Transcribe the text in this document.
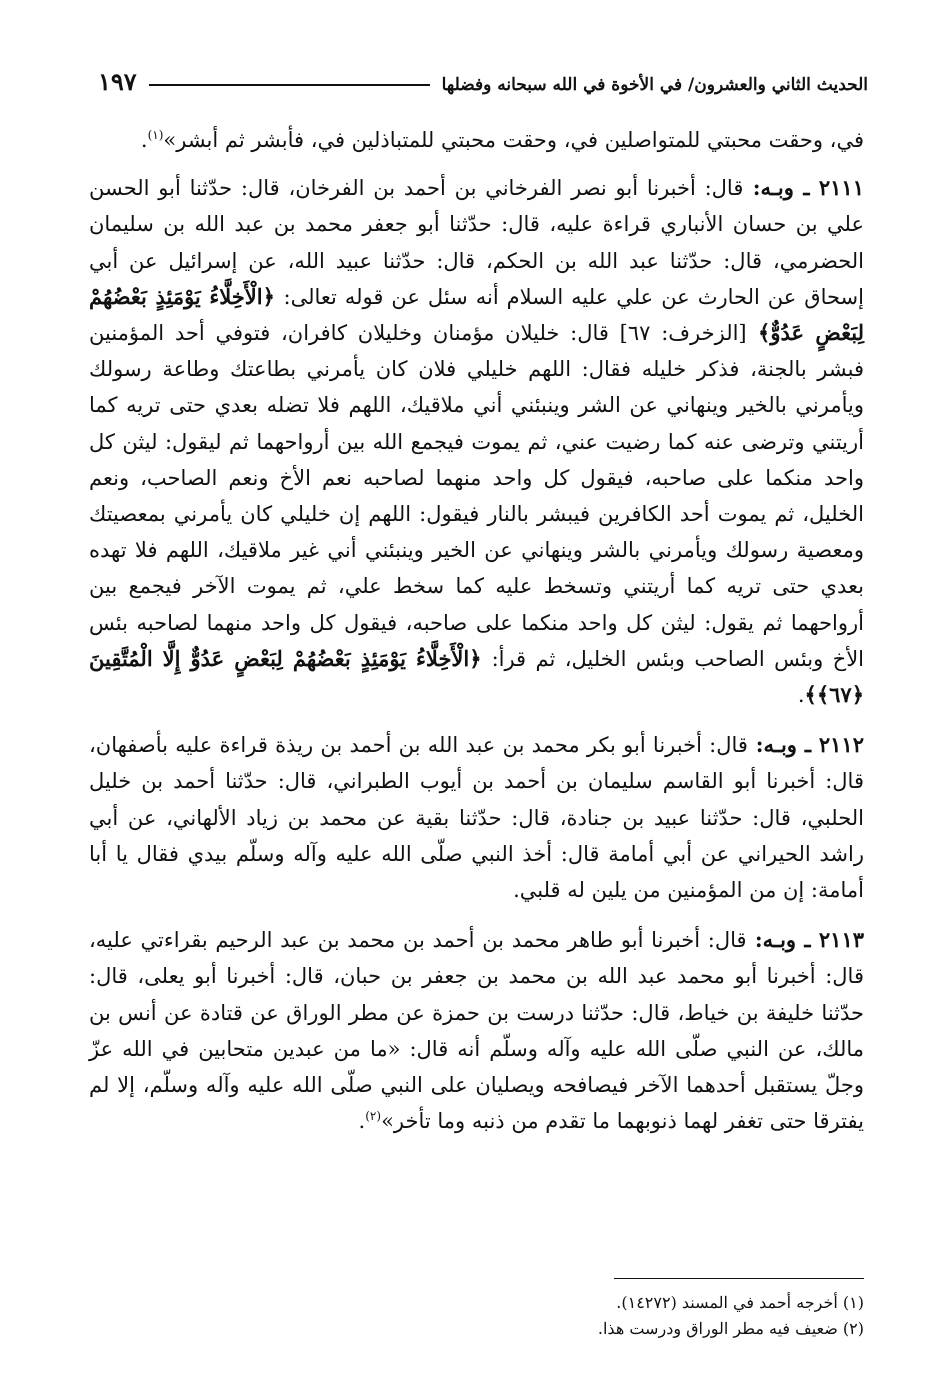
الحديث الثاني والعشرون/ في الأخوة في الله سبحانه وفضلها
١٩٧

في، وحقت محبتي للمتواصلين في، وحقت محبتي للمتباذلين في، فأبشر ثم أبشر»$^{(١)}$.

٢١١١ ـ وبـه: قال: أخبرنا أبو نصر الفرخاني بن أحمد بن الفرخان، قال: حدّثنا أبو الحسن علي بن حسان الأنباري قراءة عليه، قال: حدّثنا أبو جعفر محمد بن عبد الله بن سليمان الحضرمي، قال: حدّثنا عبد الله بن الحكم، قال: حدّثنا عبيد الله، عن إسرائيل عن أبي إسحاق عن الحارث عن علي عليه السلام أنه سئل عن قوله تعالى: ﴿الْأَخِلَّاءُ يَوْمَئِذٍ بَعْضُهُمْ لِبَعْضٍ عَدُوٌّ﴾ [الزخرف: ٦٧] قال: خليلان مؤمنان وخليلان كافران، فتوفي أحد المؤمنين فبشر بالجنة، فذكر خليله فقال: اللهم خليلي فلان كان يأمرني بطاعتك وطاعة رسولك ويأمرني بالخير وينهاني عن الشر وينبئني أني ملاقيك، اللهم فلا تضله بعدي حتى تريه كما أريتني وترضى عنه كما رضيت عني، ثم يموت فيجمع الله بين أرواحهما ثم ليقول: ليثن كل واحد منكما على صاحبه، فيقول كل واحد منهما لصاحبه نعم الأخ ونعم الصاحب، ونعم الخليل، ثم يموت أحد الكافرين فيبشر بالنار فيقول: اللهم إن خليلي كان يأمرني بمعصيتك ومعصية رسولك ويأمرني بالشر وينهاني عن الخير وينبئني أني غير ملاقيك، اللهم فلا تهده بعدي حتى تريه كما أريتني وتسخط عليه كما سخط علي، ثم يموت الآخر فيجمع بين أرواحهما ثم يقول: ليثن كل واحد منكما على صاحبه، فيقول كل واحد منهما لصاحبه بئس الأخ وبئس الصاحب وبئس الخليل، ثم قرأ: ﴿الْأَخِلَّاءُ يَوْمَئِذٍ بَعْضُهُمْ لِبَعْضٍ عَدُوٌّ إِلَّا الْمُتَّقِينَ ﴿٦٧﴾﴾.

٢١١٢ ـ وبـه: قال: أخبرنا أبو بكر محمد بن عبد الله بن أحمد بن ريذة قراءة عليه بأصفهان، قال: أخبرنا أبو القاسم سليمان بن أحمد بن أيوب الطبراني، قال: حدّثنا أحمد بن خليل الحلبي، قال: حدّثنا عبيد بن جنادة، قال: حدّثنا بقية عن محمد بن زياد الألهاني، عن أبي راشد الحيراني عن أبي أمامة قال: أخذ النبي صلّى الله عليه وآله وسلّم بيدي فقال يا أبا أمامة: إن من المؤمنين من يلين له قلبي.

٢١١٣ ـ وبـه: قال: أخبرنا أبو طاهر محمد بن أحمد بن محمد بن عبد الرحيم بقراءتي عليه، قال: أخبرنا أبو محمد عبد الله بن محمد بن جعفر بن حبان، قال: أخبرنا أبو يعلى، قال: حدّثنا خليفة بن خياط، قال: حدّثنا درست بن حمزة عن مطر الوراق عن قتادة عن أنس بن مالك، عن النبي صلّى الله عليه وآله وسلّم أنه قال: «ما من عبدين متحابين في الله عزّ وجلّ يستقبل أحدهما الآخر فيصافحه ويصليان على النبي صلّى الله عليه وآله وسلّم، إلا لم يفترقا حتى تغفر لهما ذنوبهما ما تقدم من ذنبه وما تأخر»$^{(٢)}$.

(١) أخرجه أحمد في المسند (١٤٢٧٢).

(٢) ضعيف فيه مطر الوراق ودرست هذا.
